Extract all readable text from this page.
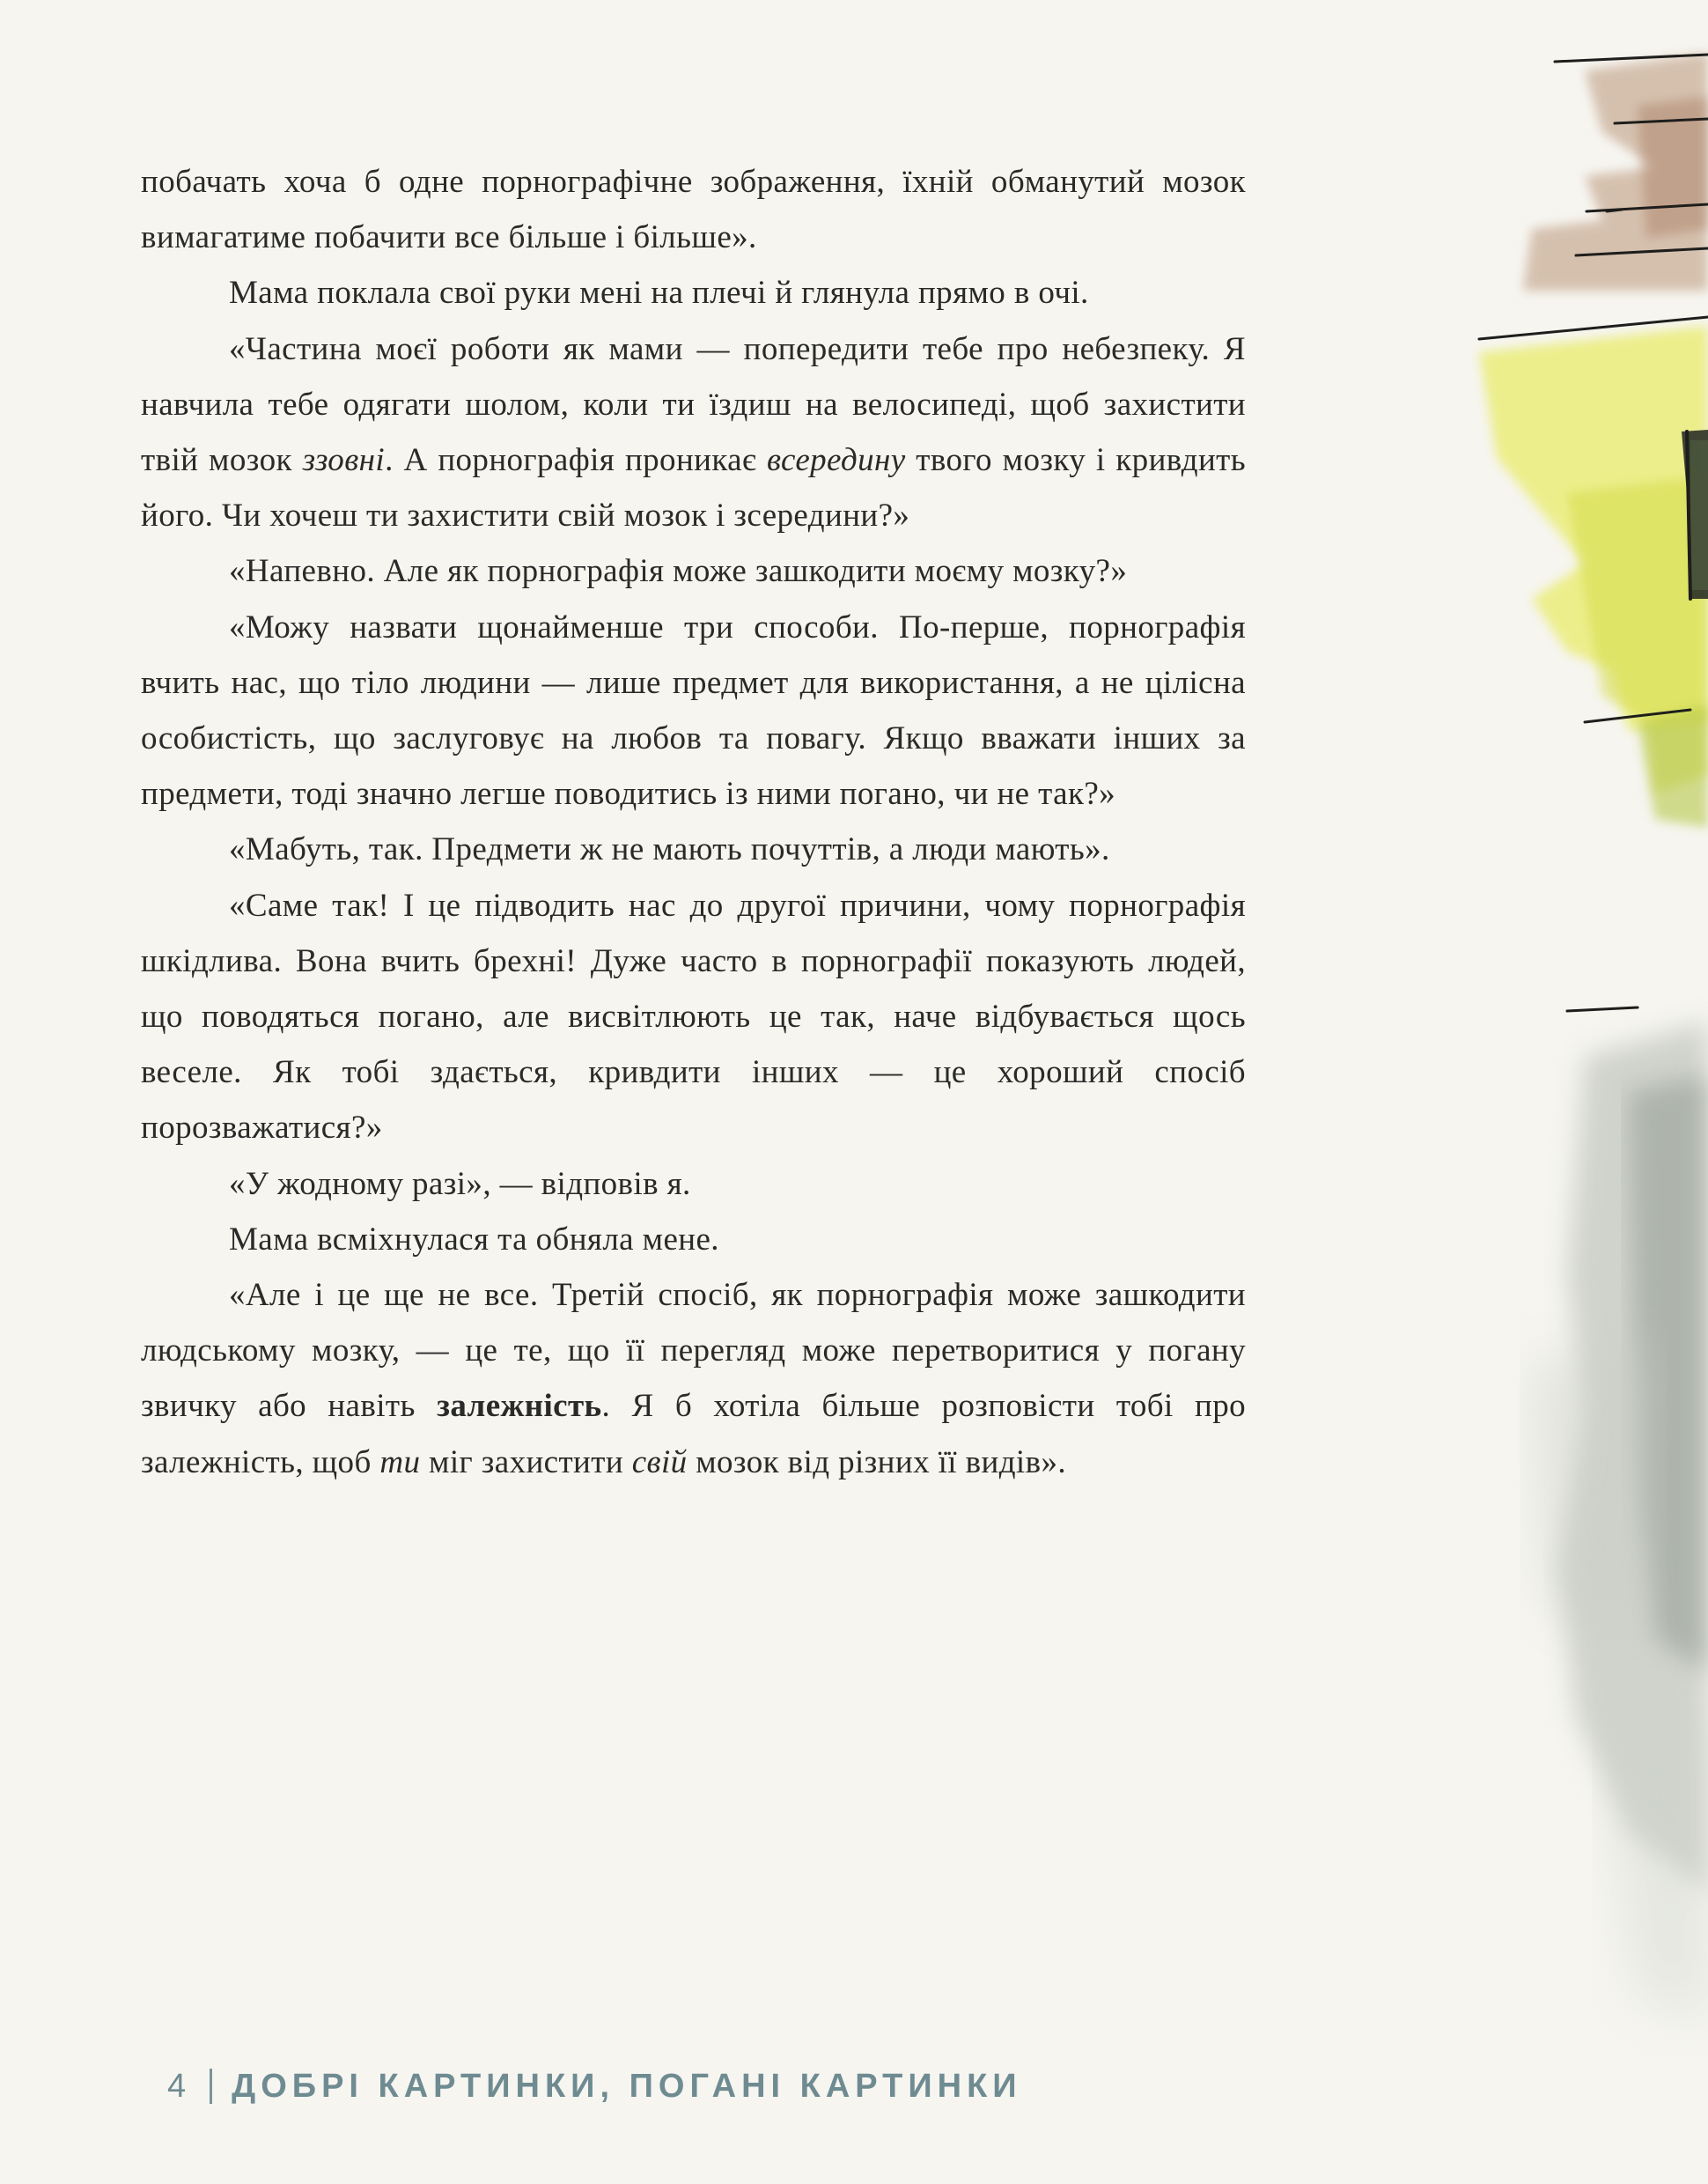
побачать хоча б одне порнографічне зображення, їхній обманутий мозок вимагатиме побачити все більше і більше».

Мама поклала свої руки мені на плечі й глянула прямо в очі.

«Частина моєї роботи як мами — попередити тебе про небезпеку. Я навчила тебе одягати шолом, коли ти їздиш на велосипеді, щоб захистити твій мозок ззовні. А порнографія проникає всередину твого мозку і кривдить його. Чи хочеш ти захистити свій мозок і зсередини?»

«Напевно. Але як порнографія може зашкодити моєму мозку?»

«Можу назвати щонайменше три способи. По-перше, порнографія вчить нас, що тіло людини — лише предмет для використання, а не цілісна особистість, що заслуговує на любов та повагу. Якщо вважати інших за предмети, тоді значно легше поводитись із ними погано, чи не так?»

«Мабуть, так. Предмети ж не мають почуттів, а люди мають».

«Саме так! І це підводить нас до другої причини, чому порнографія шкідлива. Вона вчить брехні! Дуже часто в порнографії показують людей, що поводяться погано, але висвітлюють це так, наче відбувається щось веселе. Як тобі здається, кривдити інших — це хороший спосіб порозважатися?»

«У жодному разі», — відповів я.

Мама всміхнулася та обняла мене.

«Але і це ще не все. Третій спосіб, як порнографія може зашкодити людському мозку, — це те, що її перегляд може перетворитися у погану звичку або навіть залежність. Я б хотіла більше розповісти тобі про залежність, щоб ти міг захистити свій мозок від різних її видів».

4 ДОБРІ КАРТИНКИ, ПОГАНІ КАРТИНКИ
